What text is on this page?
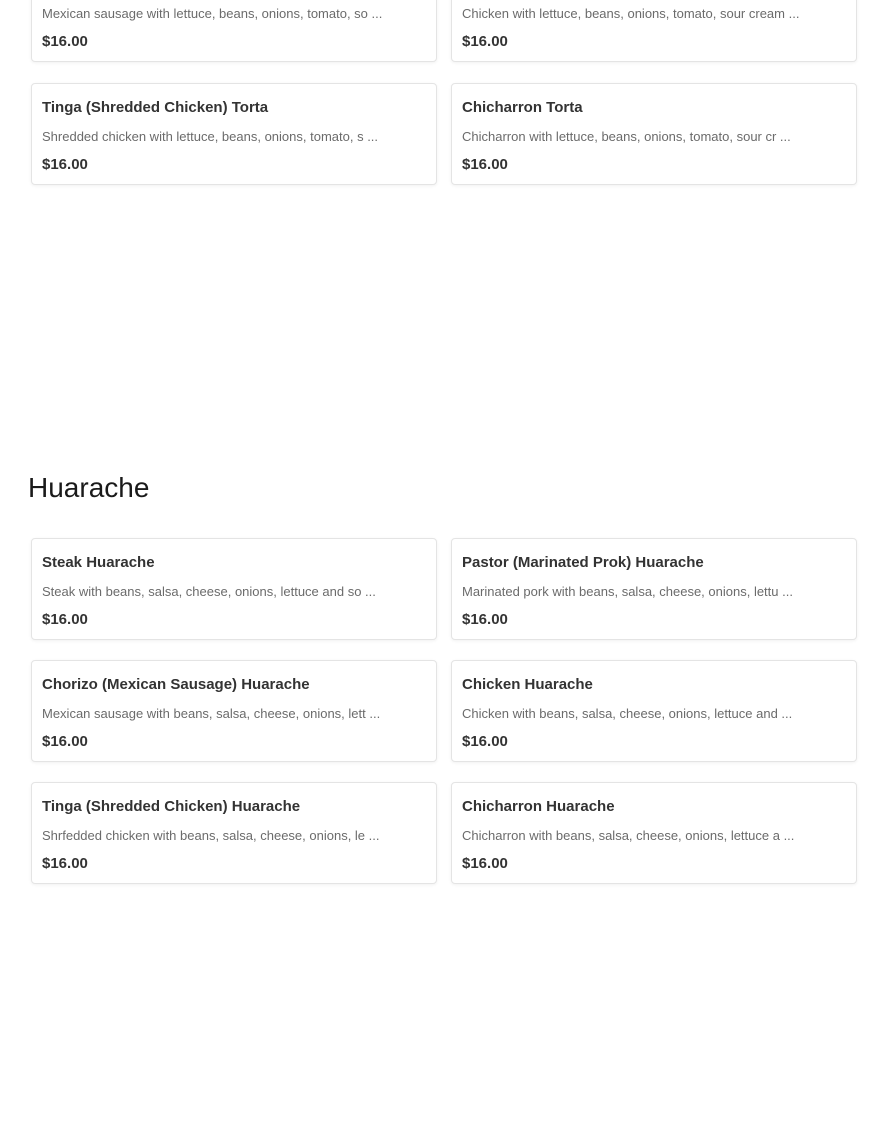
Mexican sausage with lettuce, beans, onions, tomato, so ...
$16.00
Chicken with lettuce, beans, onions, tomato, sour cream ...
$16.00
Tinga (Shredded Chicken) Torta
Shredded chicken with lettuce, beans, onions, tomato, s ...
$16.00
Chicharron Torta
Chicharron with lettuce, beans, onions, tomato, sour cr ...
$16.00
Huarache
Steak Huarache
Steak with beans, salsa, cheese, onions, lettuce and so ...
$16.00
Pastor (Marinated Prok) Huarache
Marinated pork with beans, salsa, cheese, onions, lettu ...
$16.00
Chorizo (Mexican Sausage) Huarache
Mexican sausage with beans, salsa, cheese, onions, lett ...
$16.00
Chicken Huarache
Chicken with beans, salsa, cheese, onions, lettuce and ...
$16.00
Tinga (Shredded Chicken) Huarache
Shrfedded chicken with beans, salsa, cheese, onions, le ...
$16.00
Chicharron Huarache
Chicharron with beans, salsa, cheese, onions, lettuce a ...
$16.00
